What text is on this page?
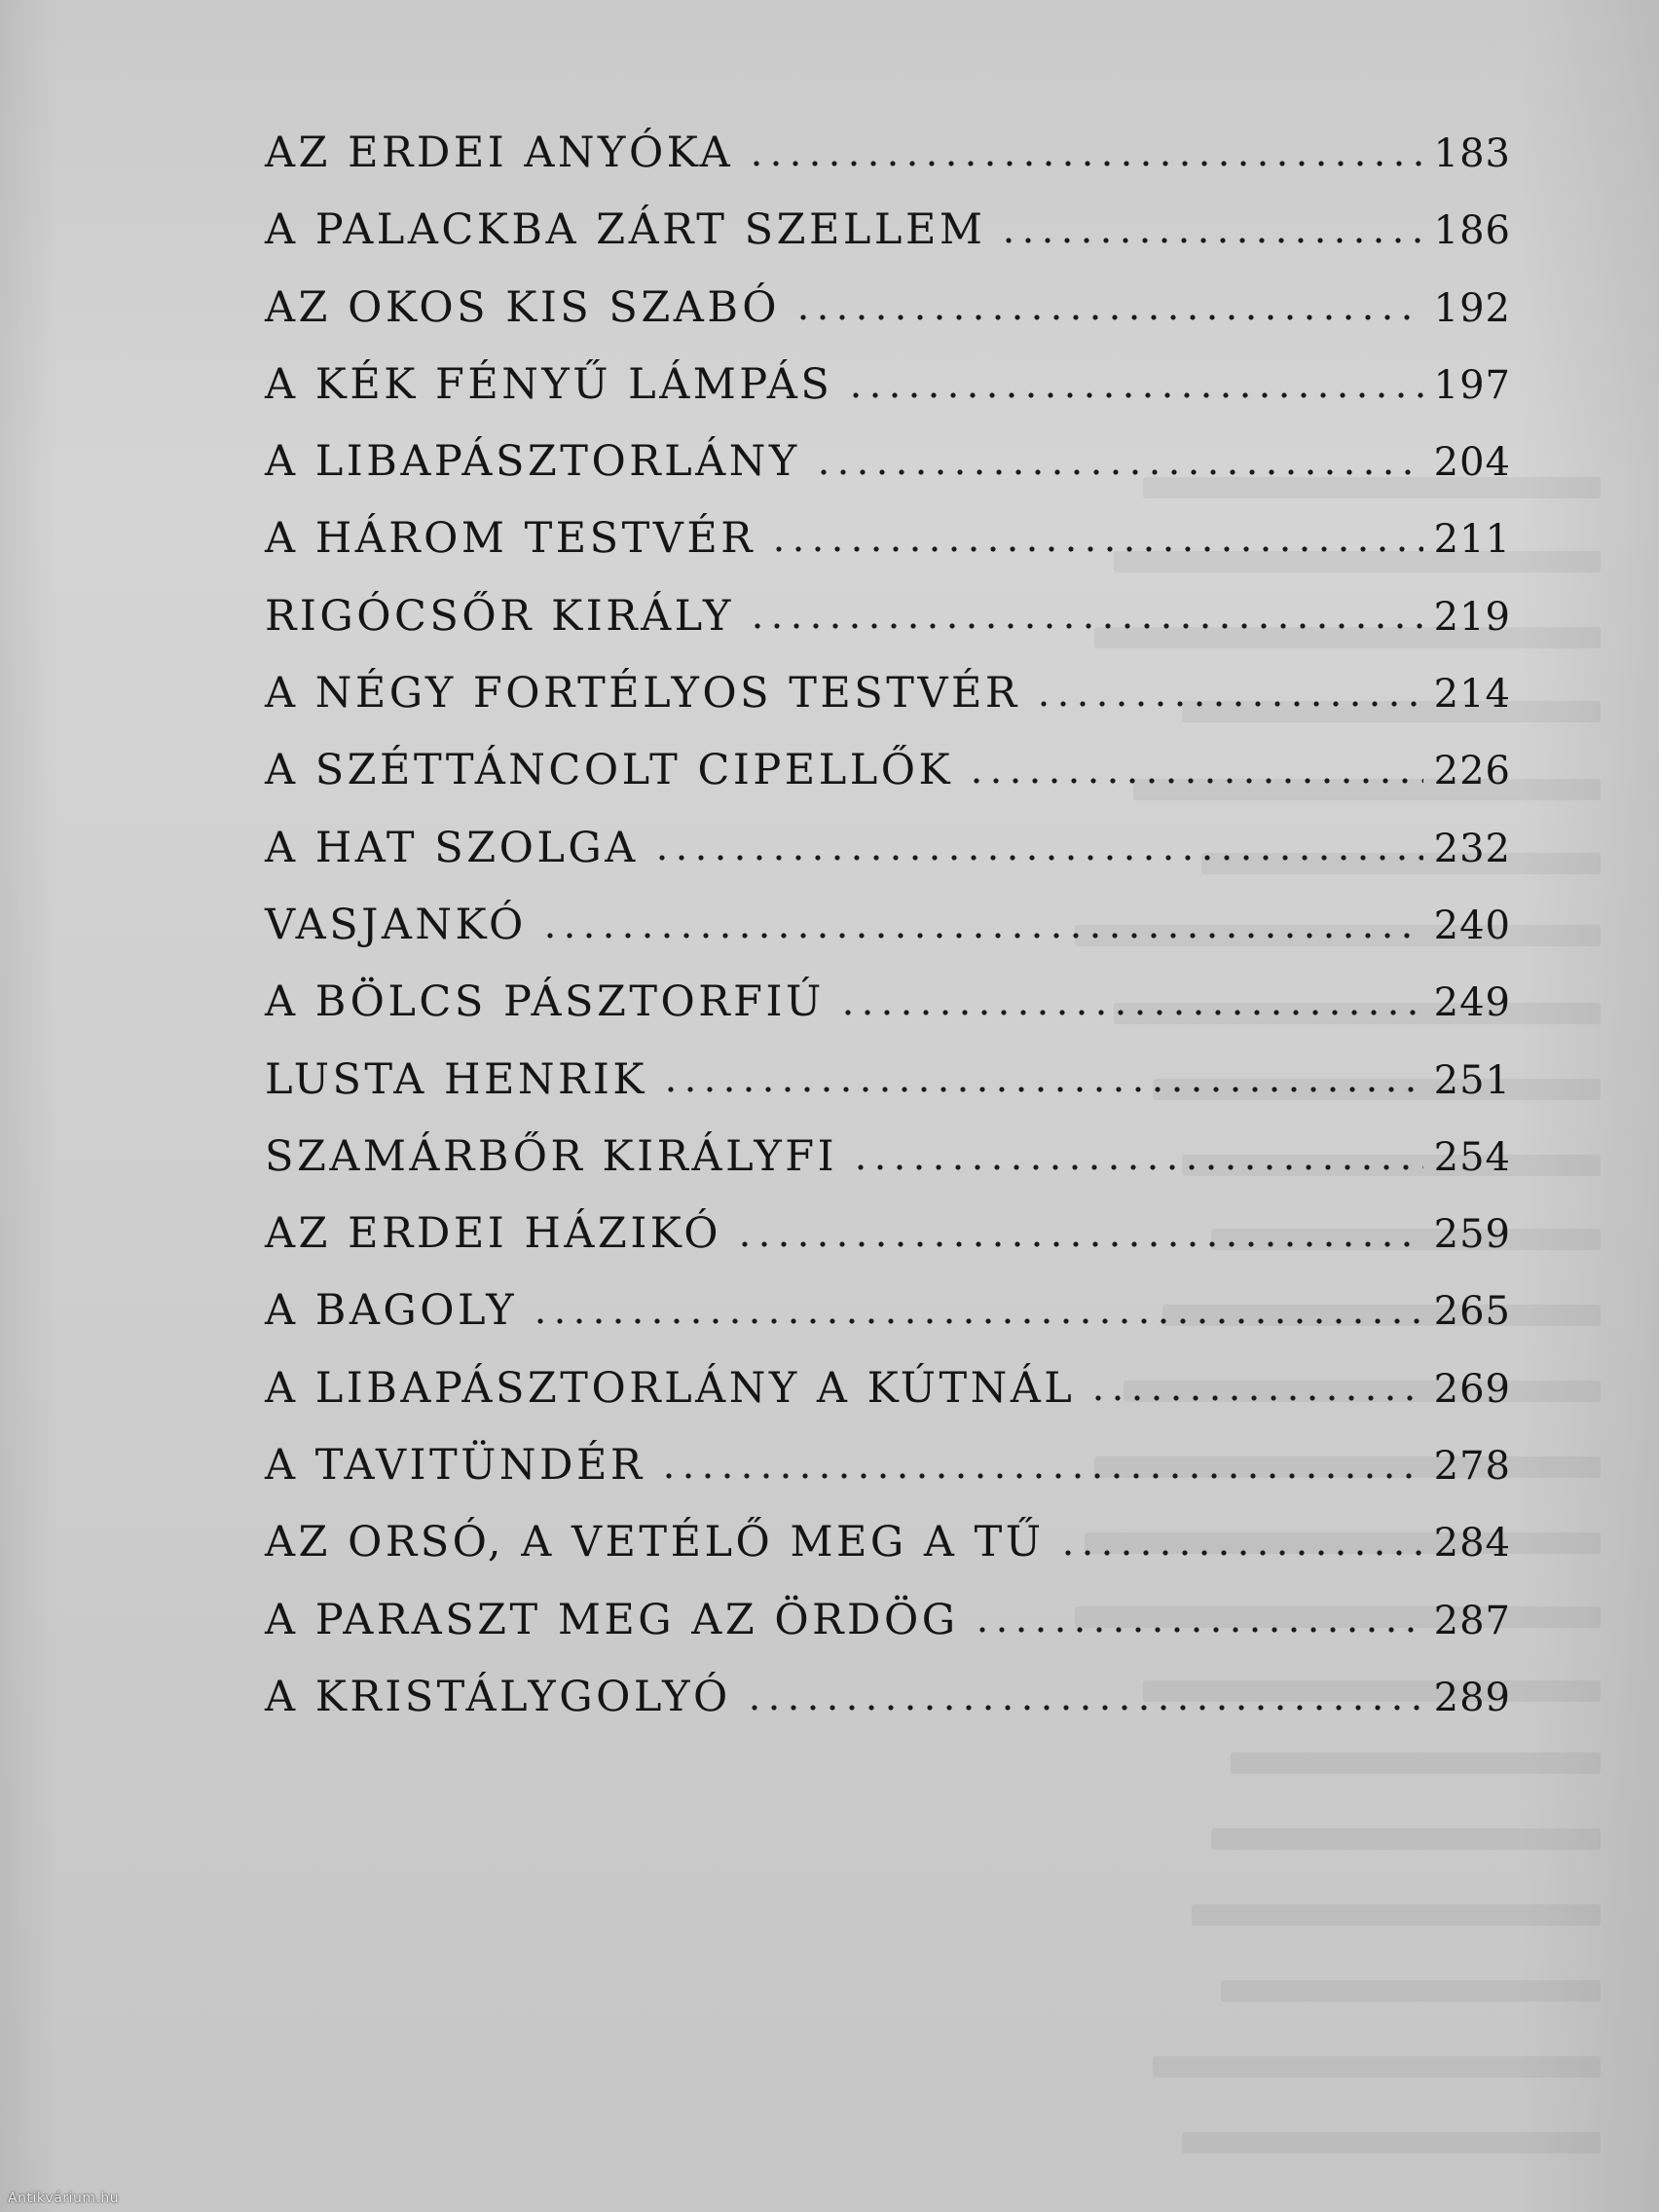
AZ ERDEI ANYÓKA	183
A PALACKBA ZÁRT SZELLEM	186
AZ OKOS KIS SZABÓ	192
A KÉK FÉNYŰ LÁMPÁS	197
A LIBAPÁSZTORLÁNY	204
A HÁROM TESTVÉR	211
RIGÓCSŐR KIRÁLY	219
A NÉGY FORTÉLYOS TESTVÉR	214
A SZÉTTÁNCOLT CIPELLŐK	226
A HAT SZOLGA	232
VASJANKÓ	240
A BÖLCS PÁSZTORFIÚ	249
LUSTA HENRIK	251
SZAMÁRBŐR KIRÁLYFI	254
AZ ERDEI HÁZIKÓ	259
A BAGOLY	265
A LIBAPÁSZTORLÁNY A KÚTNÁL	269
A TAVITÜNDÉR	278
AZ ORSÓ, A VETÉLŐ MEG A TŰ	284
A PARASZT MEG AZ ÖRDÖG	287
A KRISTÁLYGOLYÓ	289
Antikvárium.hu
